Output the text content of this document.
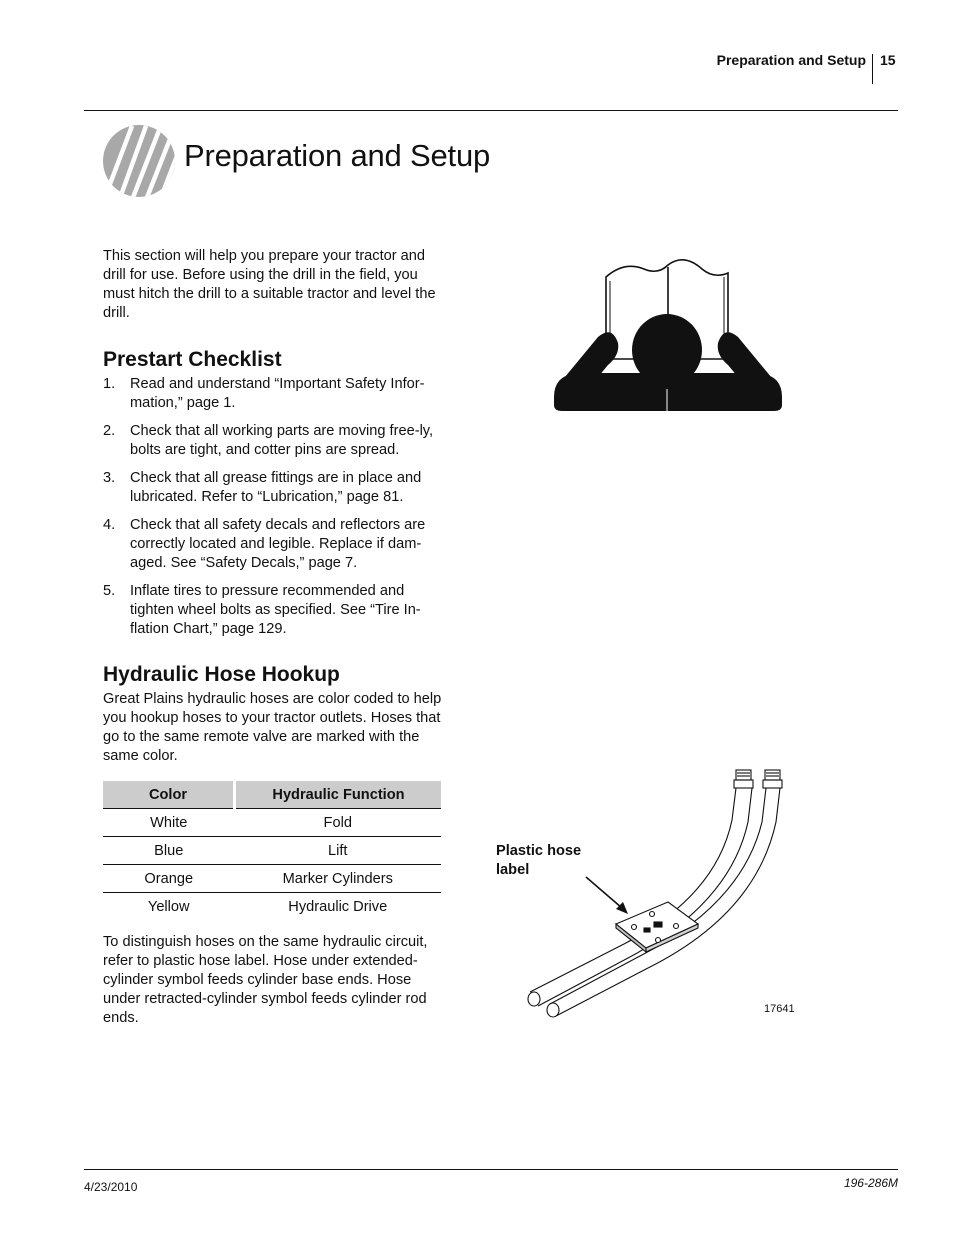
Preparation and Setup 15
Preparation and Setup

This section will help you prepare your tractor and drill for use. Before using the drill in the field, you must hitch the drill to a suitable tractor and level the drill.

Prestart Checklist
1. Read and understand “Important Safety Infor-mation,” page 1.
2. Check that all working parts are moving free-ly, bolts are tight, and cotter pins are spread.
3. Check that all grease fittings are in place and lubricated. Refer to “Lubrication,” page 81.
4. Check that all safety decals and reflectors are correctly located and legible. Replace if dam-aged. See “Safety Decals,” page 7.
5. Inflate tires to pressure recommended and tighten wheel bolts as specified. See “Tire In-flation Chart,” page 129.
Hydraulic Hose Hookup

Great Plains hydraulic hoses are color coded to help you hookup hoses to your tractor outlets. Hoses that go to the same remote valve are marked with the same color.

Color	Hydraulic Function
White	Fold
Blue	Lift
Orange	Marker Cylinders
Yellow	Hydraulic Drive

To distinguish hoses on the same hydraulic circuit, refer to plastic hose label. Hose under extended-cylinder symbol feeds cylinder base ends. Hose under retracted-cylinder symbol feeds cylinder rod ends.

Plastic hose label
17641
4/23/2010	196-286M
